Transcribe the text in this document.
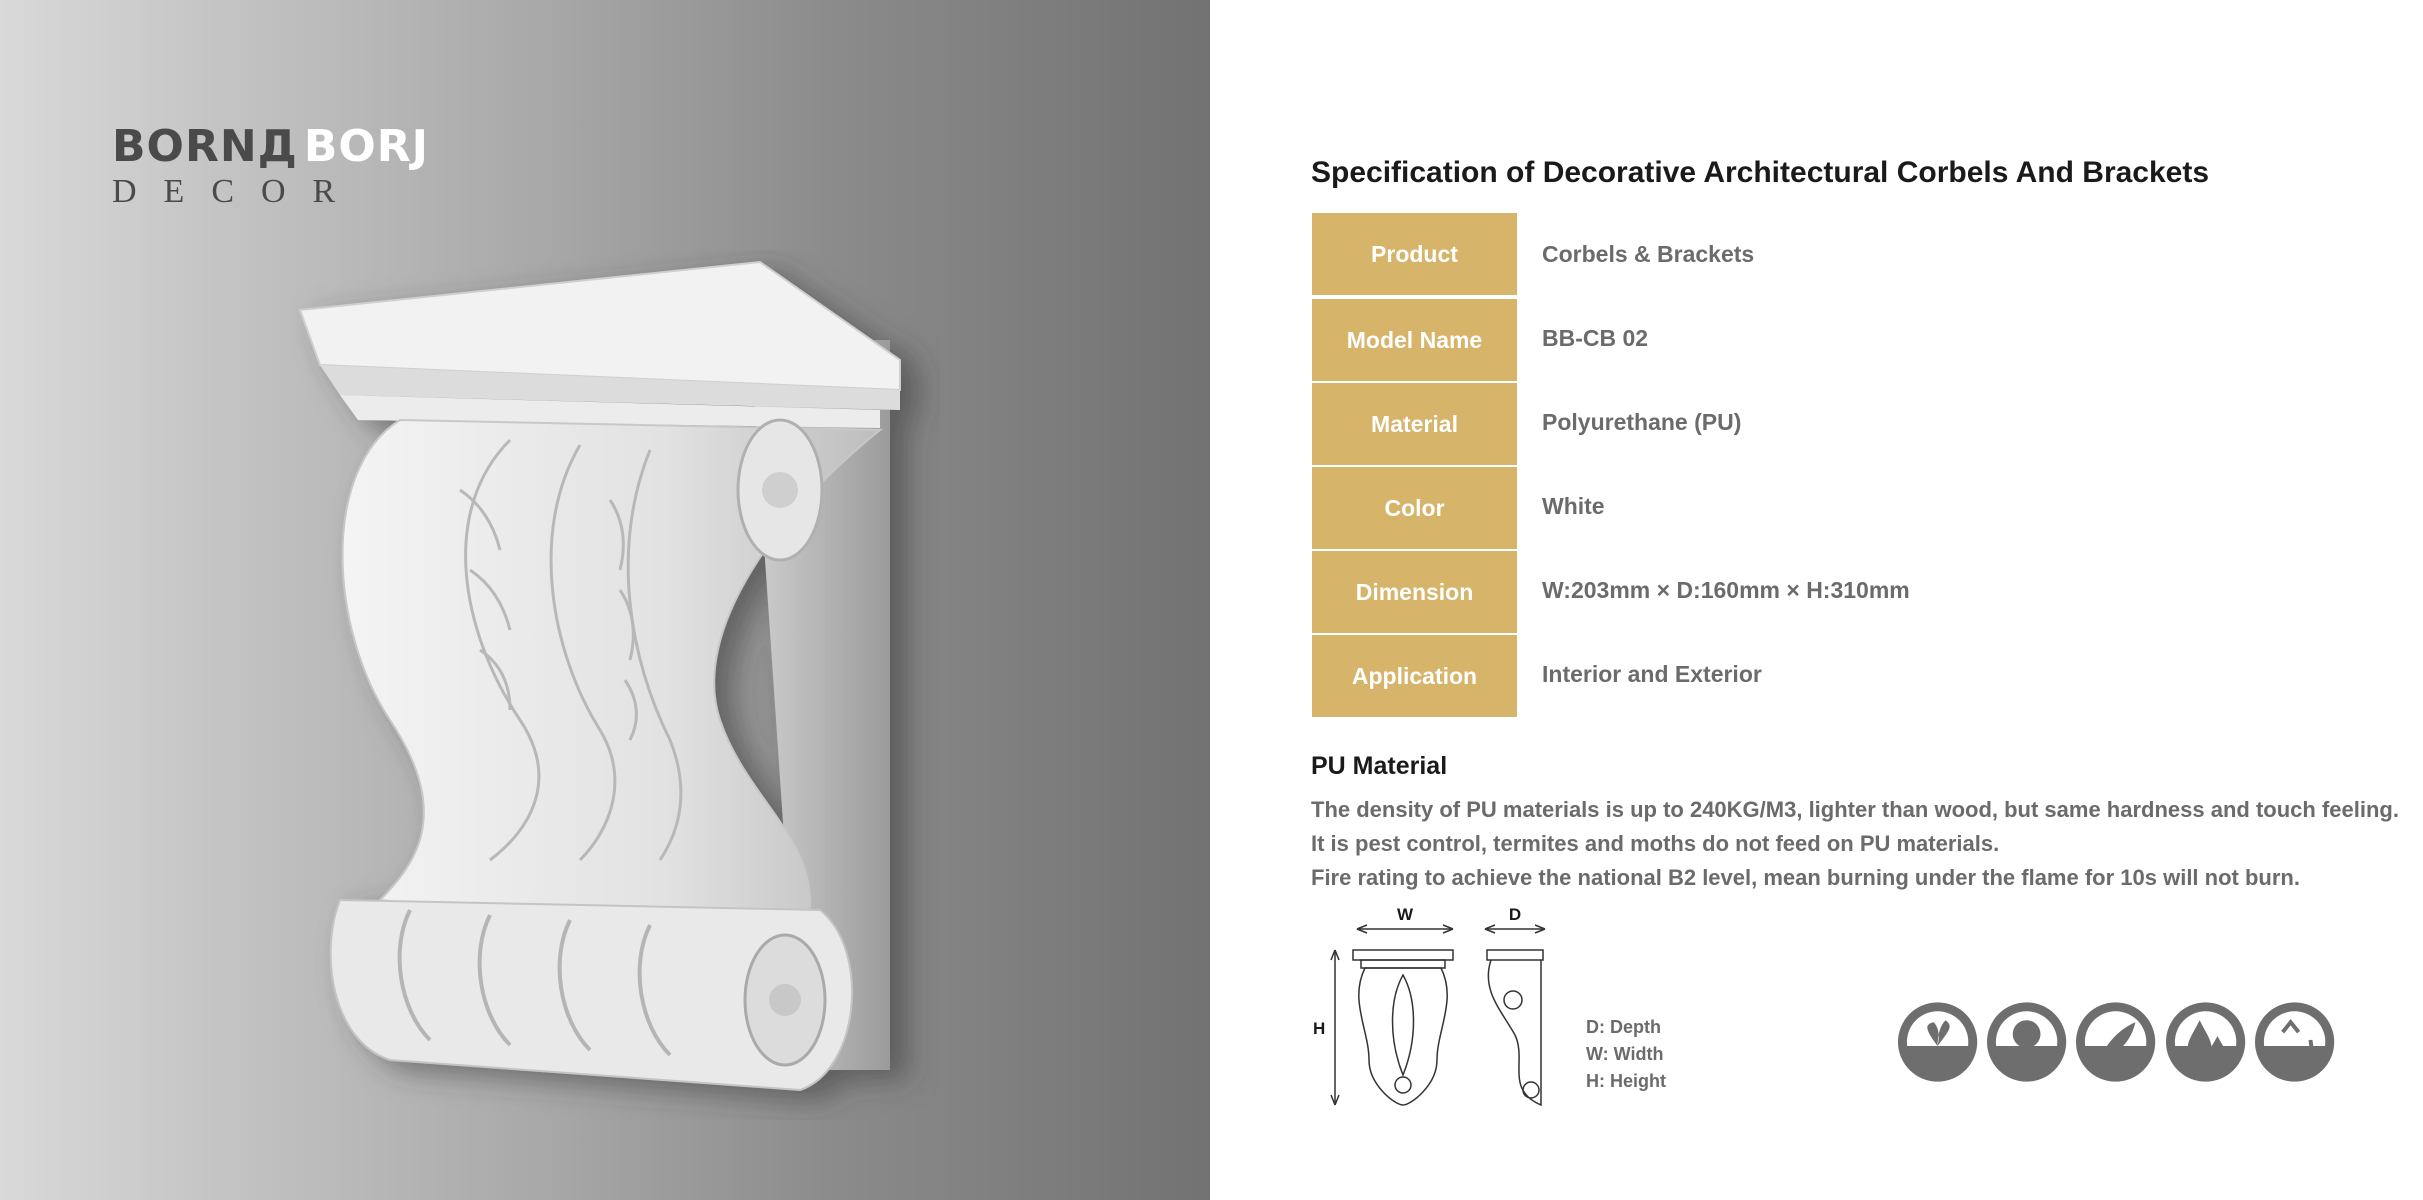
BORNД BORJ
DECOR
Specification of Decorative Architectural Corbels And Brackets
Product	Corbels & Brackets
Model Name	BB-CB 02
Material	Polyurethane (PU)
Color	White
Dimension	W:203mm × D:160mm × H:310mm
Application	Interior and Exterior
PU Material
The density of PU materials is up to 240KG/M3, lighter than wood, but same hardness and touch feeling.
It is pest control, termites and moths do not feed on PU materials.
Fire rating to achieve the national B2 level, mean burning under the flame for 10s will not burn.
W	D
H	D: Depth
W: Width
H: Height
